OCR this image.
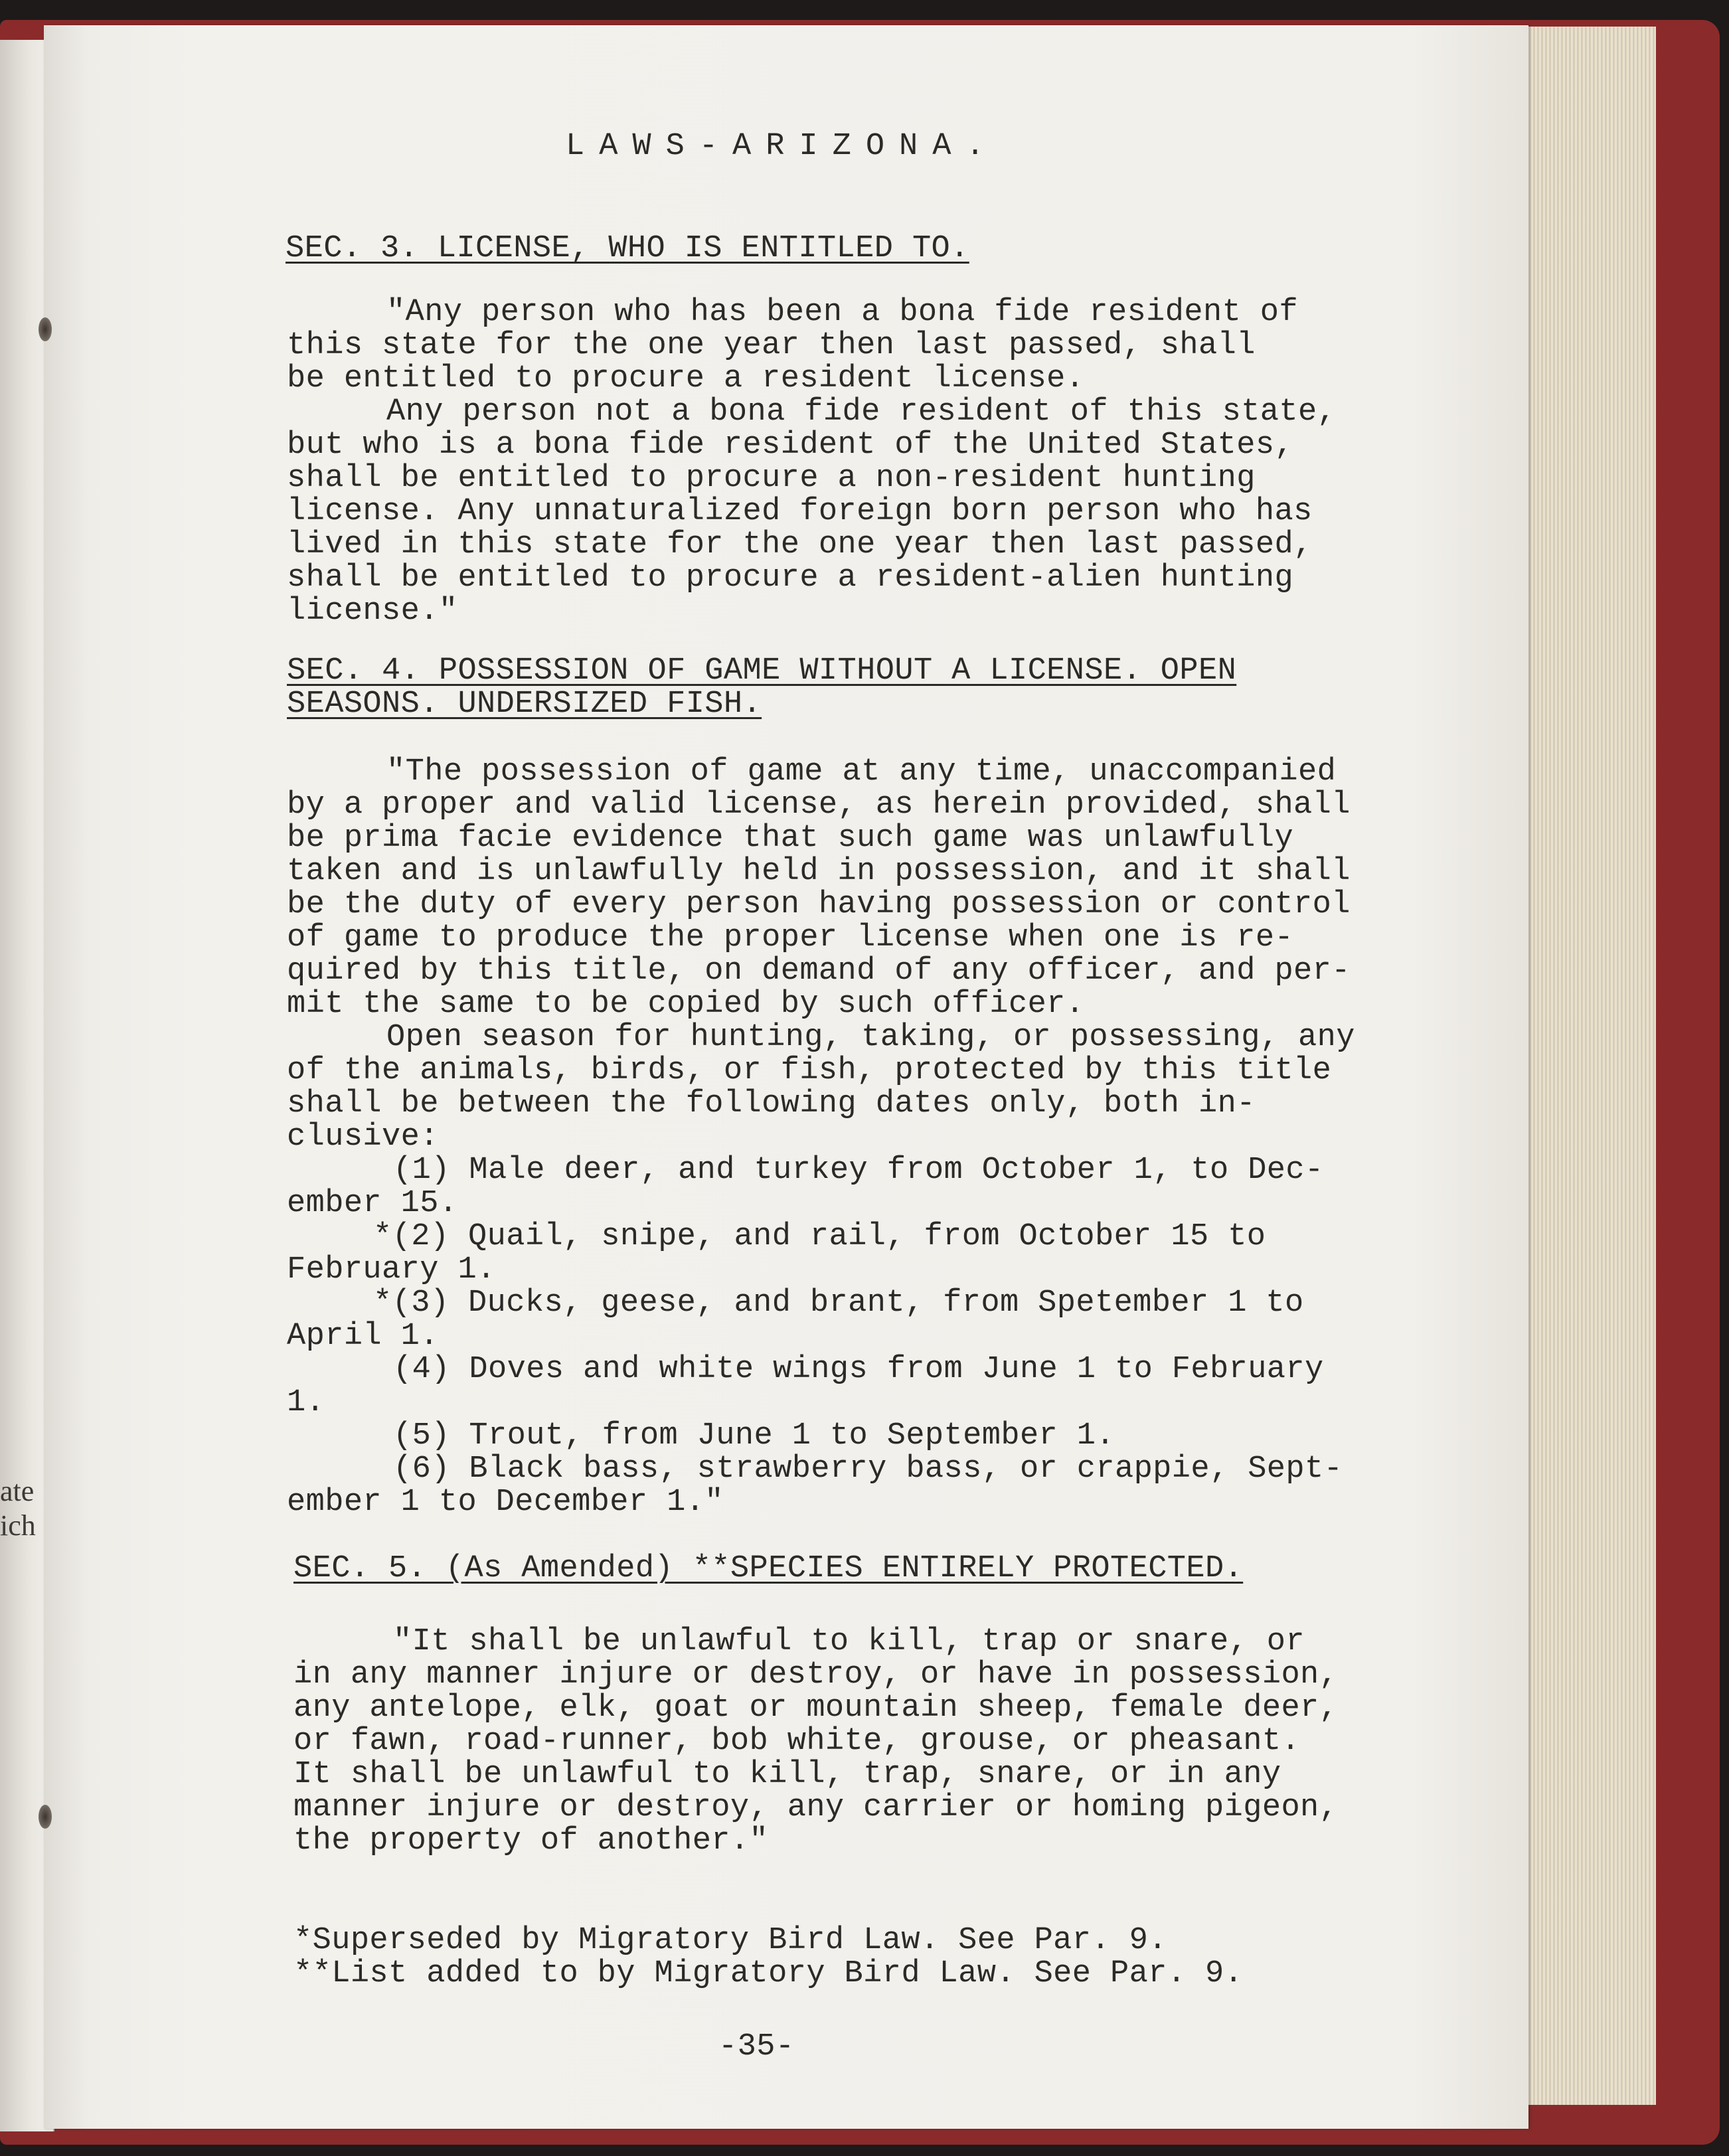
ate
ich
LAWS-ARIZONA.
SEC. 3. LICENSE, WHO IS ENTITLED TO.
"Any person who has been a bona fide resident of
this state for the one year then last passed, shall
be entitled to procure a resident license.
Any person not a bona fide resident of this state,
but who is a bona fide resident of the United States,
shall be entitled to procure a non-resident hunting
license. Any unnaturalized foreign born person who has
lived in this state for the one year then last passed,
shall be entitled to procure a resident-alien hunting
license."
SEC. 4. POSSESSION OF GAME WITHOUT A LICENSE. OPEN
SEASONS. UNDERSIZED FISH.
"The possession of game at any time, unaccompanied
by a proper and valid license, as herein provided, shall
be prima facie evidence that such game was unlawfully
taken and is unlawfully held in possession, and it shall
be the duty of every person having possession or control
of game to produce the proper license when one is re-
quired by this title, on demand of any officer, and per-
mit the same to be copied by such officer.
Open season for hunting, taking, or possessing, any
of the animals, birds, or fish, protected by this title
shall be between the following dates only, both in-
clusive:
(1) Male deer, and turkey from October 1, to Dec-
ember 15.
*(2) Quail, snipe, and rail, from October 15 to
February 1.
*(3) Ducks, geese, and brant, from Spetember 1 to
April 1.
(4) Doves and white wings from June 1 to February
1.
(5) Trout, from June 1 to September 1.
(6) Black bass, strawberry bass, or crappie, Sept-
ember 1 to December 1."
SEC. 5. (As Amended) **SPECIES ENTIRELY PROTECTED.
"It shall be unlawful to kill, trap or snare, or
in any manner injure or destroy, or have in possession,
any antelope, elk, goat or mountain sheep, female deer,
or fawn, road-runner, bob white, grouse, or pheasant.
It shall be unlawful to kill, trap, snare, or in any
manner injure or destroy, any carrier or homing pigeon,
the property of another."
*Superseded by Migratory Bird Law. See Par. 9.
**List added to by Migratory Bird Law. See Par. 9.
-35-
